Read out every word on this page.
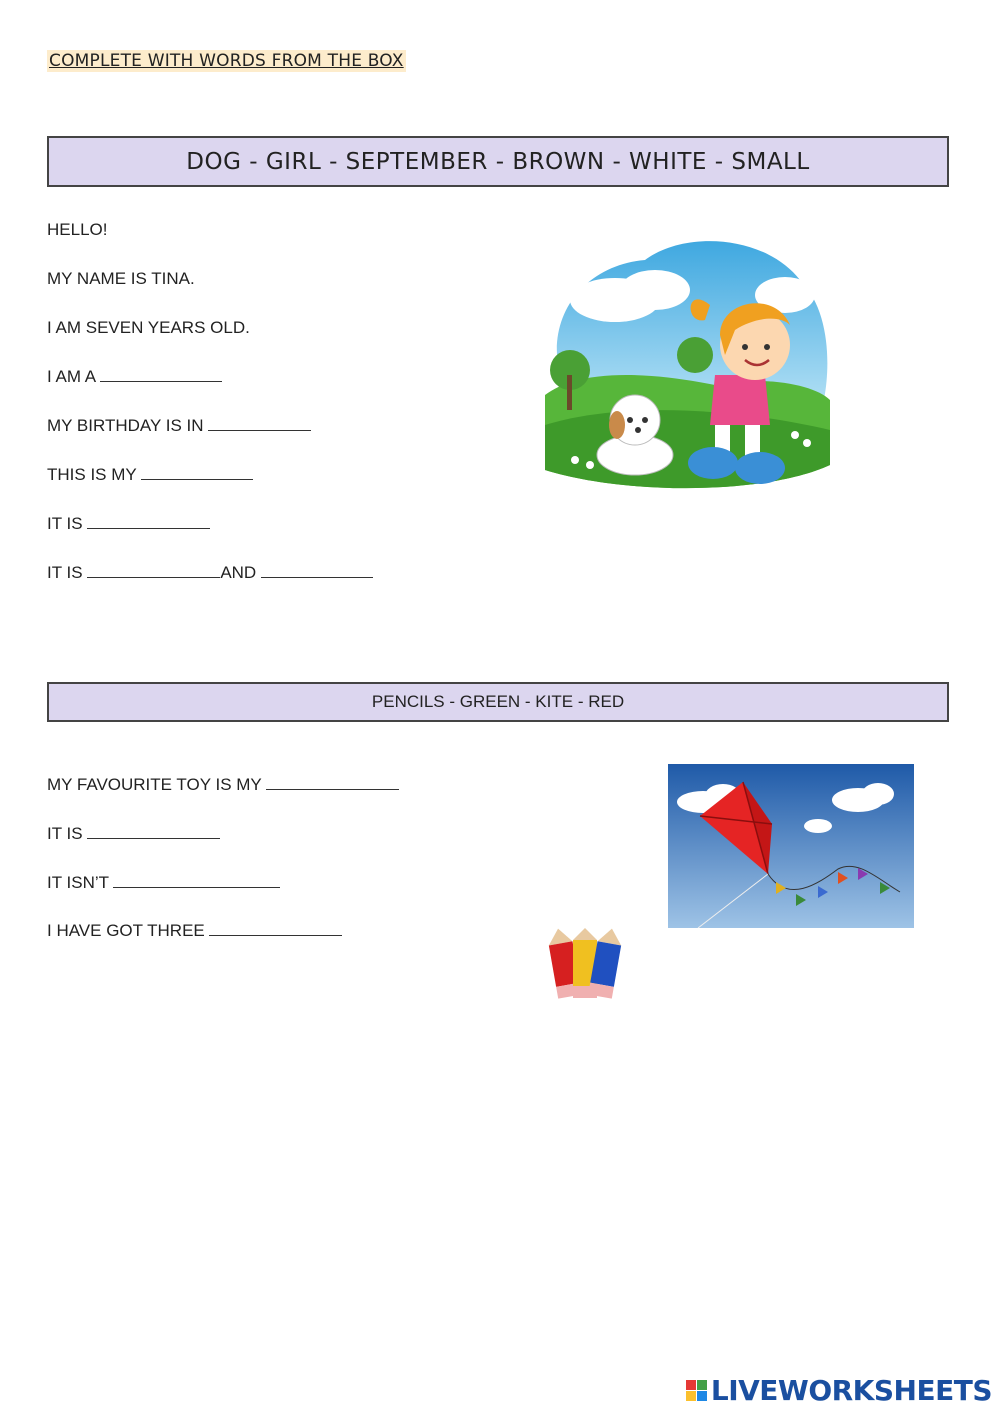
COMPLETE WITH WORDS FROM THE BOX
DOG - GIRL - SEPTEMBER - BROWN - WHITE - SMALL
HELLO!
MY NAME IS TINA.
I AM SEVEN YEARS OLD.
I AM A
MY BIRTHDAY IS IN
THIS IS MY
IT IS
IT IS	AND
PENCILS - GREEN - KITE - RED
MY FAVOURITE TOY IS MY
IT IS
IT ISN’T
I HAVE GOT THREE
LIVEWORKSHEETS
